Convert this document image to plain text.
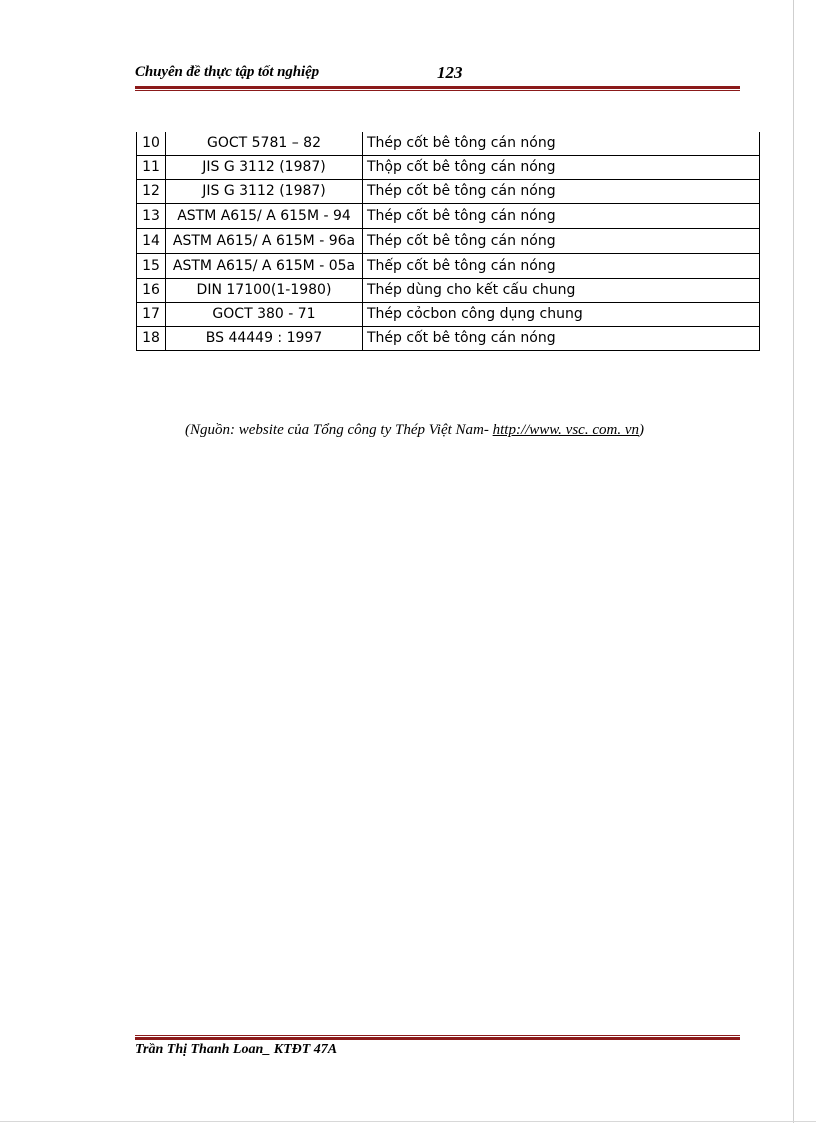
Chuyên đề thực tập tốt nghiệp	123
10	GOCT 5781 – 82	Thép cốt bê tông cán nóng
11	JIS G 3112 (1987)	Thộp cốt bê tông cán nóng
12	JIS G 3112 (1987)	Thép cốt bê tông cán nóng
13	ASTM A615/ A 615M - 94	Thép cốt bê tông cán nóng
14	ASTM A615/ A 615M - 96a	Thép cốt bê tông cán nóng
15	ASTM A615/ A 615M - 05a	Thếp cốt bê tông cán nóng
16	DIN 17100(1-1980)	Thép dùng cho kết cấu chung
17	GOCT 380 - 71	Thép cỏcbon công dụng chung
18	BS 44449 : 1997	Thép cốt bê tông cán nóng
(Nguồn: website của Tổng công ty Thép Việt Nam- http://www. vsc. com. vn)
Trần Thị Thanh Loan_ KTĐT 47A
